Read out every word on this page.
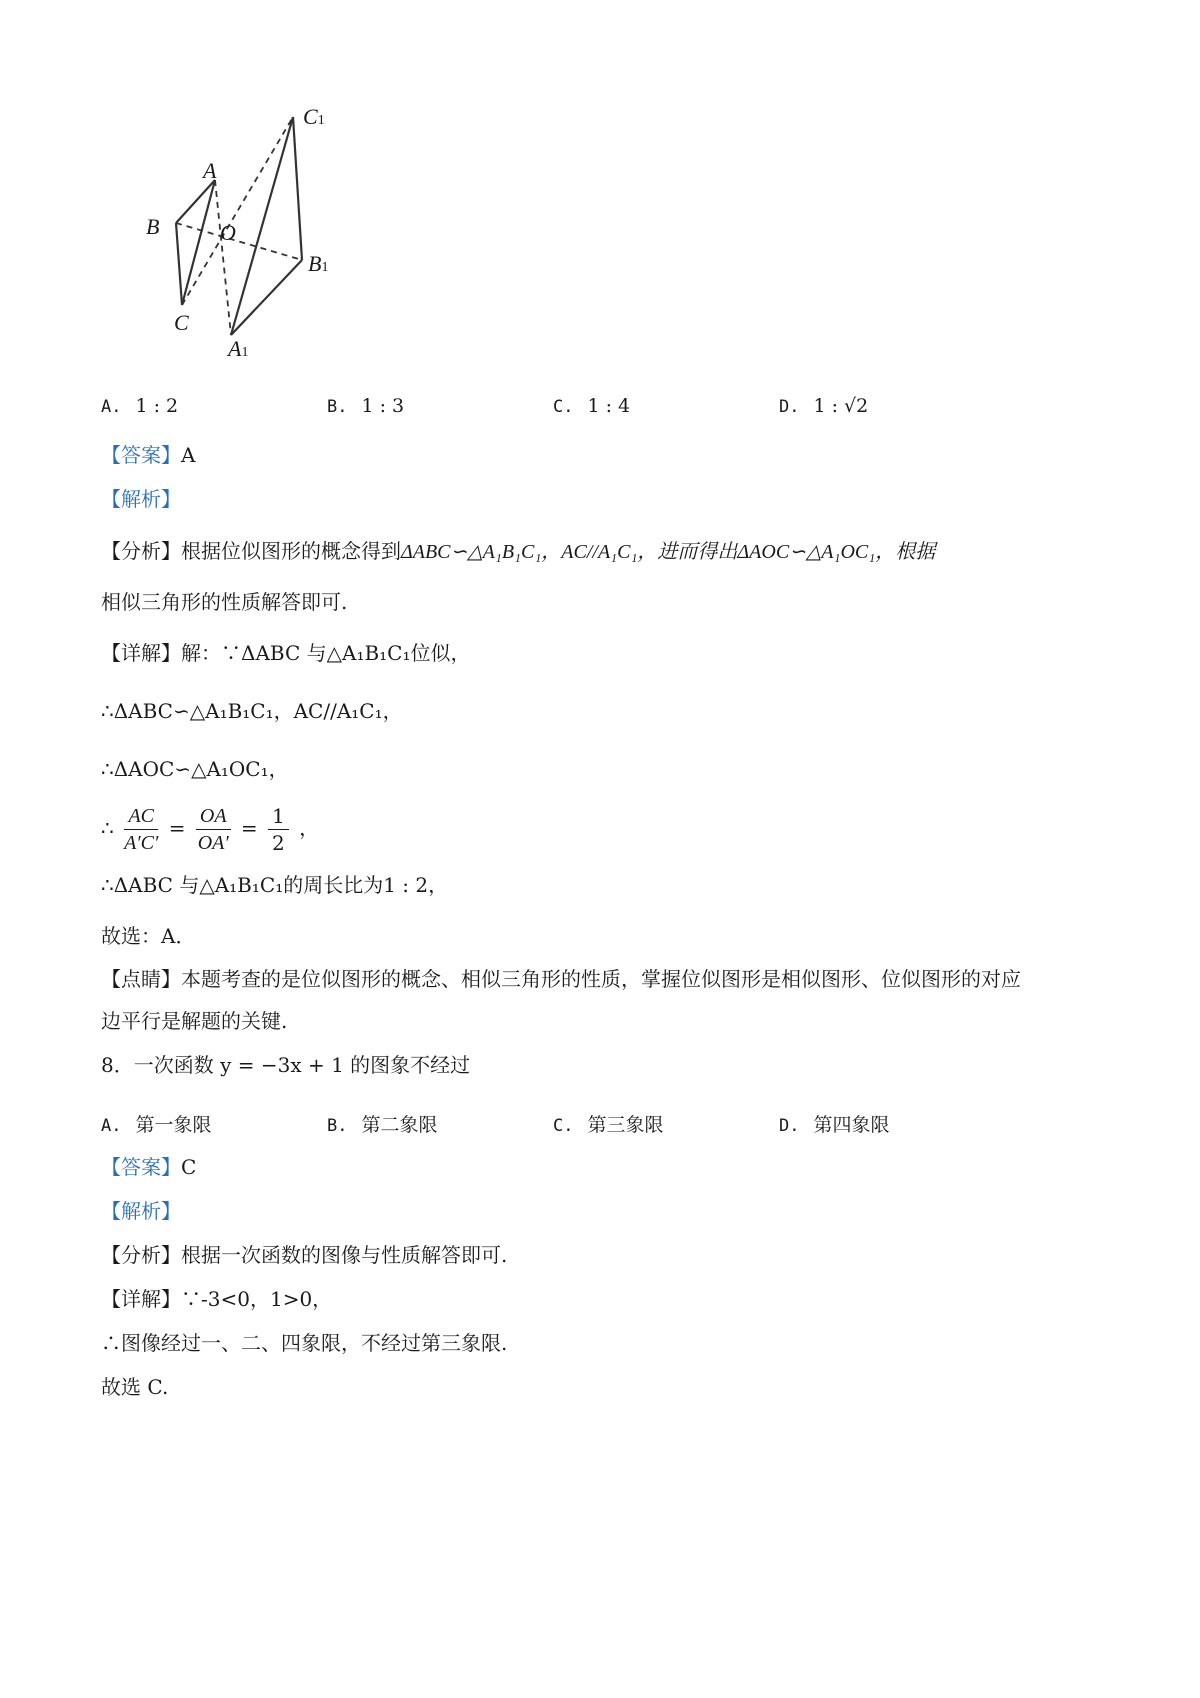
A
B
C
O
A1
B1
C1
A. 1 : 2	B. 1 : 3	C. 1 : 4	D. 1 : √2
【答案】A
【解析】
【分析】根据位似图形的概念得到ΔABC∽△A₁B₁C₁，AC//A₁C₁，进而得出ΔAOC∽△A₁OC₁，根据
相似三角形的性质解答即可.
【详解】解：∵ΔABC 与△A₁B₁C₁位似，
∴ΔABC∽△A₁B₁C₁，AC//A₁C₁，
∴ΔAOC∽△A₁OC₁，
∴ $\frac{AC}{A'C'} = \frac{OA}{OA'} = \frac{1}{2}$ ，
∴ΔABC 与△A₁B₁C₁的周长比为1 : 2，
故选：A．
【点睛】本题考查的是位似图形的概念、相似三角形的性质，掌握位似图形是相似图形、位似图形的对应
边平行是解题的关键.
8．一次函数 y = −3x + 1 的图象不经过
A. 第一象限	B. 第二象限	C. 第三象限	D. 第四象限
【答案】C
【解析】
【分析】根据一次函数的图像与性质解答即可.
【详解】∵-3<0，1>0，
∴图像经过一、二、四象限，不经过第三象限.
故选 C.
